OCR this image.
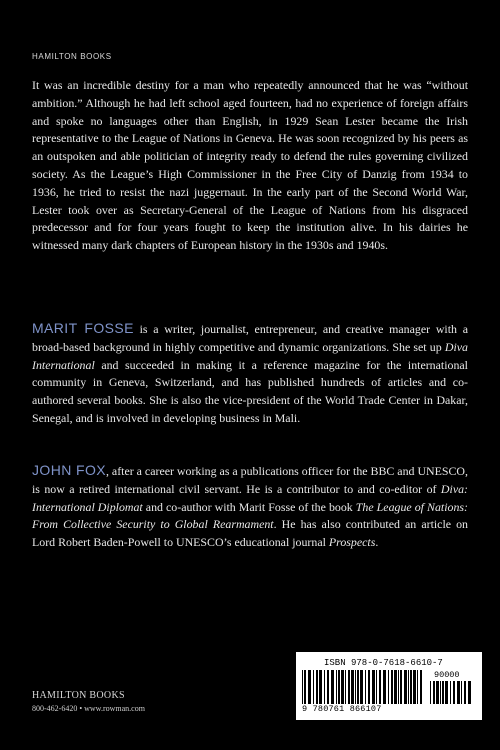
HAMILTON BOOKS

It was an incredible destiny for a man who repeatedly announced that he was “without ambition.” Although he had left school aged fourteen, had no experience of foreign affairs and spoke no languages other than English, in 1929 Sean Lester became the Irish representative to the League of Nations in Geneva. He was soon recognized by his peers as an outspoken and able politician of integrity ready to defend the rules governing civilized society. As the League’s High Commissioner in the Free City of Danzig from 1934 to 1936, he tried to resist the nazi juggernaut. In the early part of the Second World War, Lester took over as Secretary-General of the League of Nations from his disgraced predecessor and for four years fought to keep the institution alive. In his dairies he witnessed many dark chapters of European history in the 1930s and 1940s.

MARIT FOSSE is a writer, journalist, entrepreneur, and creative manager with a broad-based background in highly competitive and dynamic organizations. She set up Diva International and succeeded in making it a reference magazine for the international community in Geneva, Switzerland, and has published hundreds of articles and co-authored several books. She is also the vice-president of the World Trade Center in Dakar, Senegal, and is involved in developing business in Mali.

JOHN FOX, after a career working as a publications officer for the BBC and UNESCO, is now a retired international civil servant. He is a contributor to and co-editor of Diva: International Diplomat and co-author with Marit Fosse of the book The League of Nations: From Collective Security to Global Rearmament. He has also contributed an article on Lord Robert Baden-Powell to UNESCO’s educational journal Prospects.

HAMILTON BOOKS
800-462-6420 • www.rowman.com
ISBN 978-0-7618-6610-7
90000
9 780761 866107
